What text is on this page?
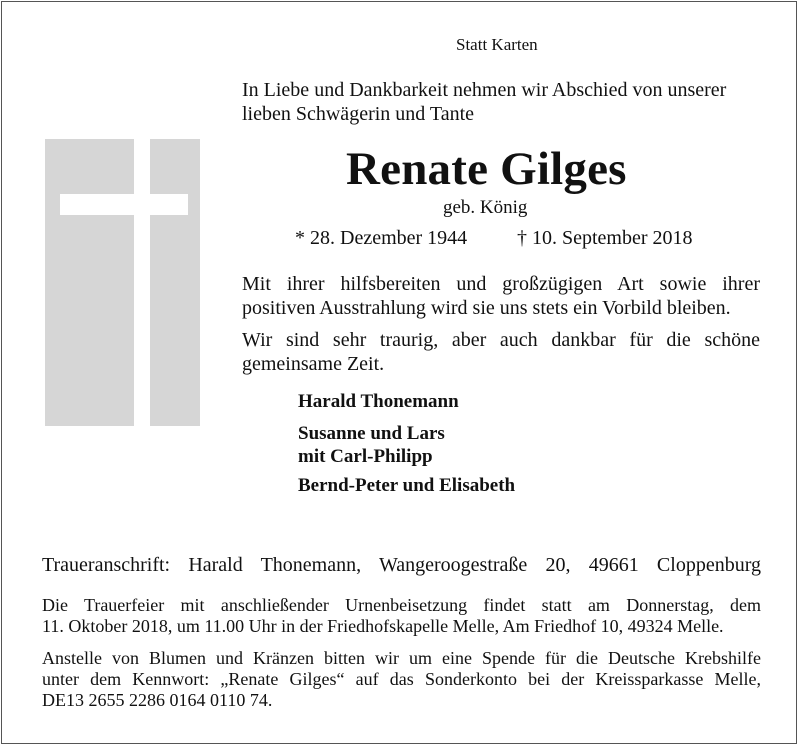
Statt Karten
In Liebe und Dankbarkeit nehmen wir Abschied von unserer
lieben Schwägerin und Tante
Renate Gilges
geb. König
* 28. Dezember 1944 † 10. September 2018
Mit ihrer hilfsbereiten und großzügigen Art sowie ihrer
positiven Ausstrahlung wird sie uns stets ein Vorbild bleiben.
Wir sind sehr traurig, aber auch dankbar für die schöne
gemeinsame Zeit.
Harald Thonemann
Susanne und Lars
mit Carl-Philipp
Bernd-Peter und Elisabeth
Traueranschrift: Harald Thonemann, Wangeroogestraße 20, 49661 Cloppenburg
Die Trauerfeier mit anschließender Urnenbeisetzung findet statt am Donnerstag, dem
11. Oktober 2018, um 11.00 Uhr in der Friedhofskapelle Melle, Am Friedhof 10, 49324 Melle.
Anstelle von Blumen und Kränzen bitten wir um eine Spende für die Deutsche Krebshilfe
unter dem Kennwort: „Renate Gilges“ auf das Sonderkonto bei der Kreissparkasse Melle,
DE13 2655 2286 0164 0110 74.
